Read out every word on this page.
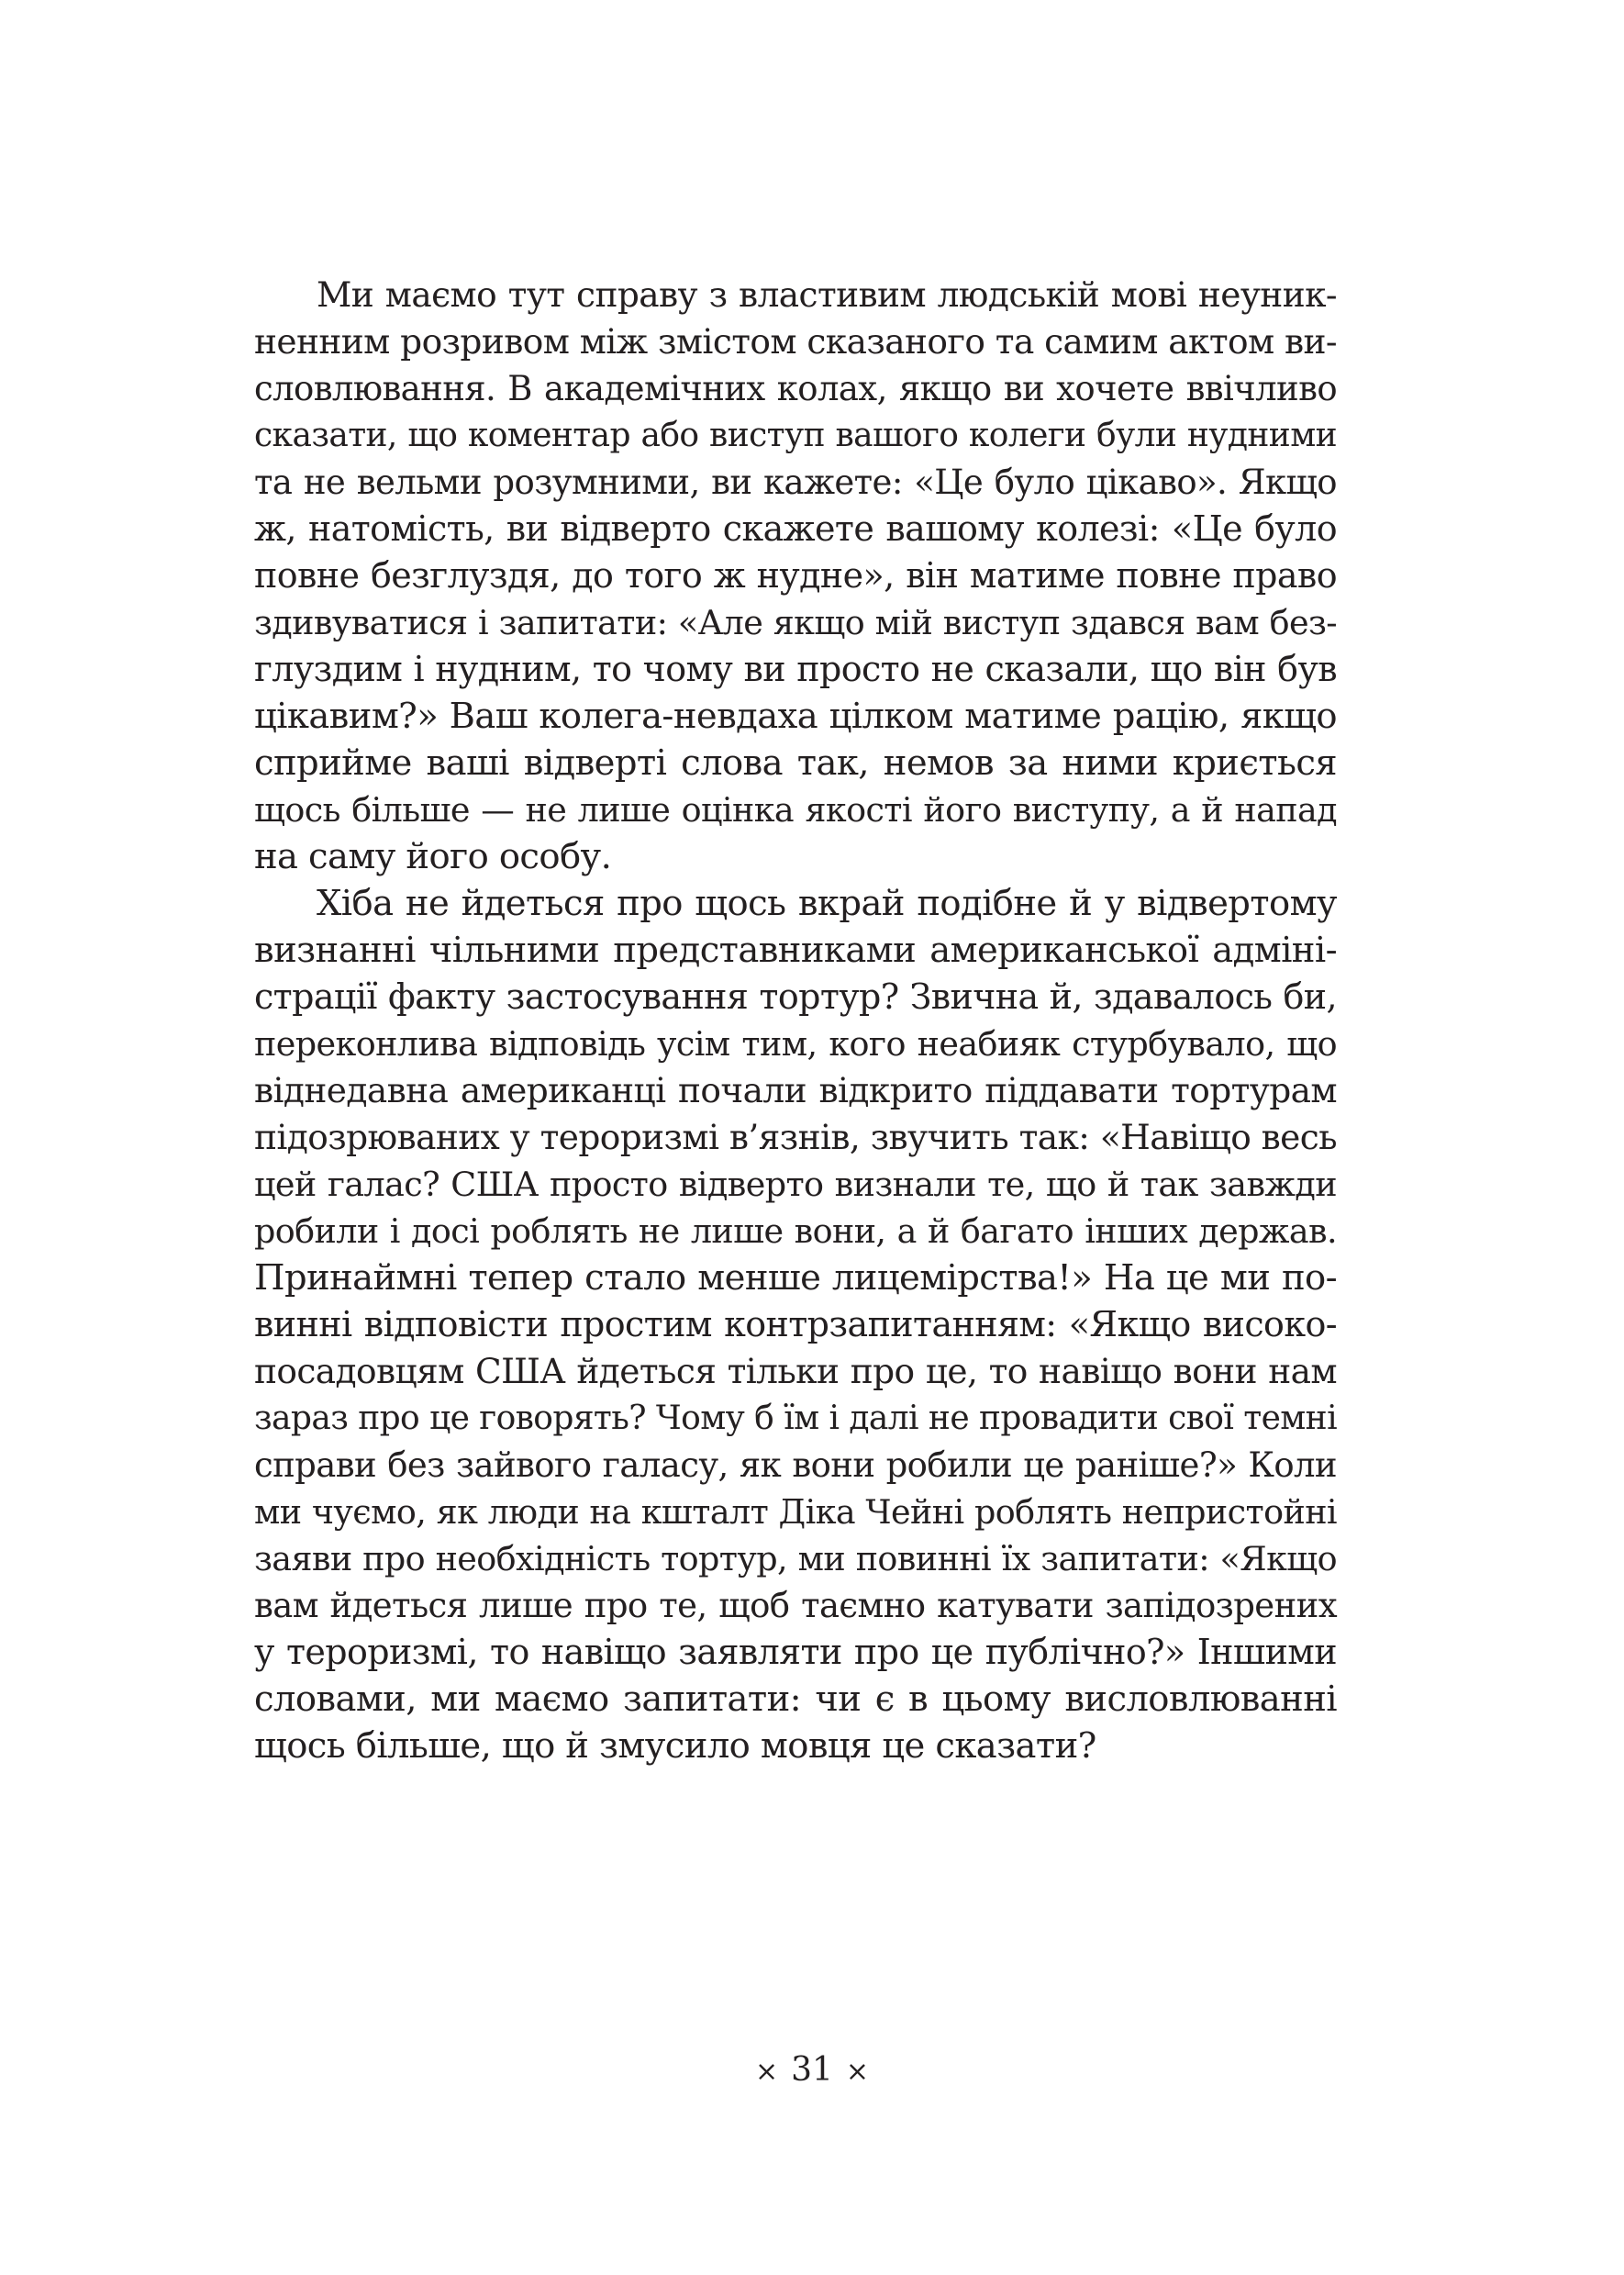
Ми маємо тут справу з властивим людській мові неуник-
ненним розривом між змістом сказаного та самим актом ви-
словлювання. В академічних колах, якщо ви хочете ввічливо
сказати, що коментар або виступ вашого колеги були нудними
та не вельми розумними, ви кажете: «Це було цікаво». Якщо
ж, натомість, ви відверто скажете вашому колезі: «Це було
повне безглуздя, до того ж нудне», він матиме повне право
здивуватися і запитати: «Але якщо мій виступ здався вам без-
глуздим і нудним, то чому ви просто не сказали, що він був
цікавим?» Ваш колега-невдаха цілком матиме рацію, якщо
сприйме ваші відверті слова так, немов за ними криється
щось більше — не лише оцінка якості його виступу, а й напад
на саму його особу.
Хіба не йдеться про щось вкрай подібне й у відвертому
визнанні чільними представниками американської адміні-
страції факту застосування тортур? Звична й, здавалось би,
переконлива відповідь усім тим, кого неабияк стурбувало, що
віднедавна американці почали відкрито піддавати тортурам
підозрюваних у тероризмі в’язнів, звучить так: «Навіщо весь
цей галас? США просто відверто визнали те, що й так завжди
робили і досі роблять не лише вони, а й багато інших держав.
Принаймні тепер стало менше лицемірства!» На це ми по-
винні відповісти простим контрзапитанням: «Якщо високо-
посадовцям США йдеться тільки про це, то навіщо вони нам
зараз про це говорять? Чому б їм і далі не провадити свої темні
справи без зайвого галасу, як вони робили це раніше?» Коли
ми чуємо, як люди на кшталт Діка Чейні роблять непристойні
заяви про необхідність тортур, ми повинні їх запитати: «Якщо
вам йдеться лише про те, щоб таємно катувати запідозрених
у тероризмі, то навіщо заявляти про це публічно?» Іншими
словами, ми маємо запитати: чи є в цьому висловлюванні
щось більше, що й змусило мовця це сказати?
× 31 ×
